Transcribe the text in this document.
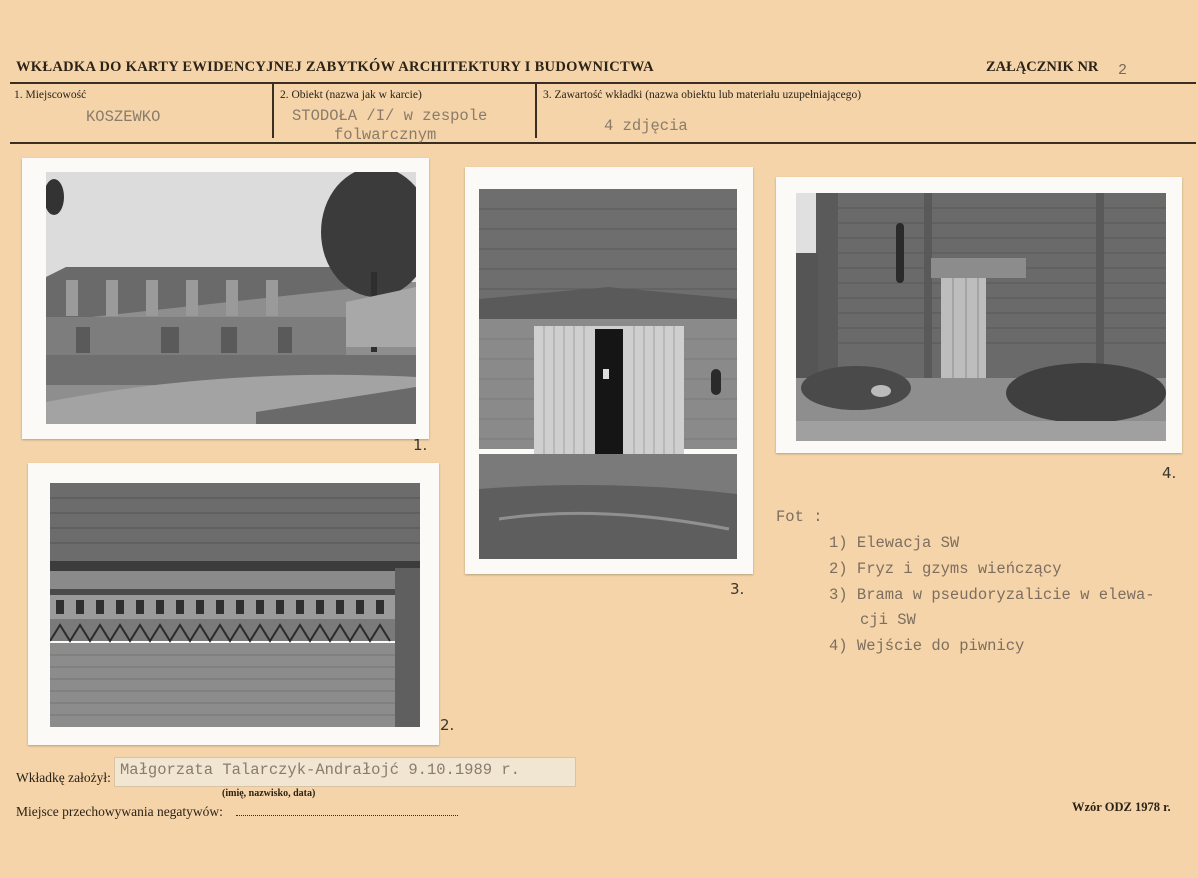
WKŁADKA DO KARTY EWIDENCYJNEJ ZABYTKÓW ARCHITEKTURY I BUDOWNICTWA	ZAŁĄCZNIK NR 2
1. Miejscowość
KOSZEWKO
2. Obiekt (nazwa jak w karcie)
STODOŁA /I/ w zespole
folwarcznym
3. Zawartość wkładki (nazwa obiektu lub materiału uzupełniającego)
4 zdjęcia
1.
2.
3.
4.
Fot :
1) Elewacja SW
2) Fryz i gzyms wieńczący
3) Brama w pseudoryzalicie w elewa-
cji SW
4) Wejście do piwnicy
Wkładkę założył: Małgorzata Talarczyk-Andrałojć 9.10.1989 r.
(imię, nazwisko, data)
Miejsce przechowywania negatywów:	Wzór ODZ 1978 r.
